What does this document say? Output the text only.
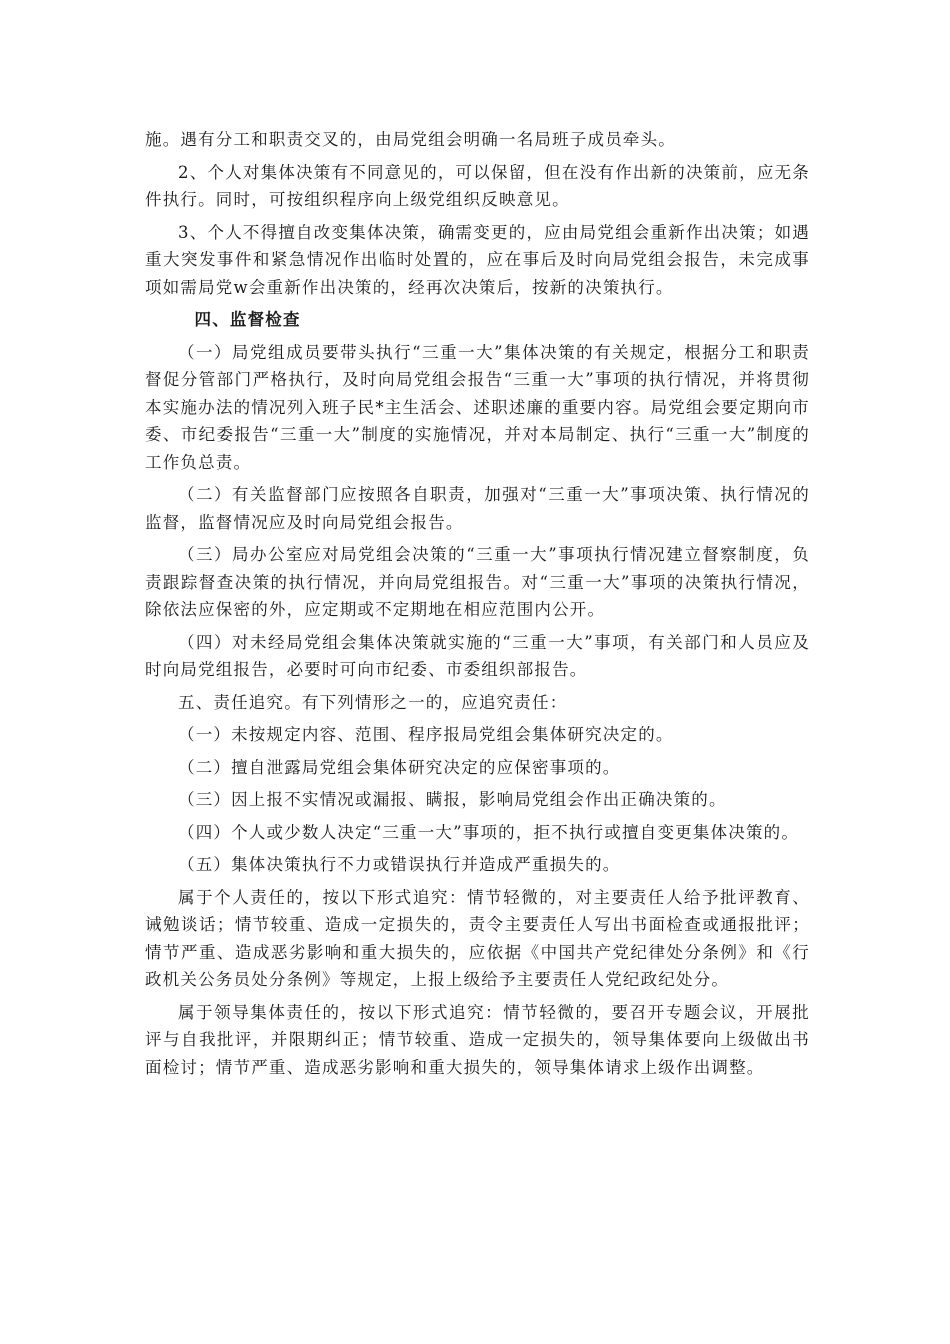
施。遇有分工和职责交叉的，由局党组会明确一名局班子成员牵头。

2、个人对集体决策有不同意见的，可以保留，但在没有作出新的决策前，应无条件执行。同时，可按组织程序向上级党组织反映意见。

3、个人不得擅自改变集体决策，确需变更的，应由局党组会重新作出决策；如遇重大突发事件和紧急情况作出临时处置的，应在事后及时向局党组会报告，未完成事项如需局党w会重新作出决策的，经再次决策后，按新的决策执行。

四、监督检查

（一）局党组成员要带头执行“三重一大”集体决策的有关规定，根据分工和职责督促分管部门严格执行，及时向局党组会报告“三重一大”事项的执行情况，并将贯彻本实施办法的情况列入班子民*主生活会、述职述廉的重要内容。局党组会要定期向市委、市纪委报告“三重一大”制度的实施情况，并对本局制定、执行“三重一大”制度的工作负总责。

（二）有关监督部门应按照各自职责，加强对“三重一大”事项决策、执行情况的监督，监督情况应及时向局党组会报告。

（三）局办公室应对局党组会决策的“三重一大”事项执行情况建立督察制度，负责跟踪督查决策的执行情况，并向局党组报告。对“三重一大”事项的决策执行情况，除依法应保密的外，应定期或不定期地在相应范围内公开。

（四）对未经局党组会集体决策就实施的“三重一大”事项，有关部门和人员应及时向局党组报告，必要时可向市纪委、市委组织部报告。

五、责任追究。有下列情形之一的，应追究责任：

（一）未按规定内容、范围、程序报局党组会集体研究决定的。

（二）擅自泄露局党组会集体研究决定的应保密事项的。

（三）因上报不实情况或漏报、瞒报，影响局党组会作出正确决策的。

（四）个人或少数人决定“三重一大”事项的，拒不执行或擅自变更集体决策的。

（五）集体决策执行不力或错误执行并造成严重损失的。

属于个人责任的，按以下形式追究：情节轻微的，对主要责任人给予批评教育、诫勉谈话；情节较重、造成一定损失的，责令主要责任人写出书面检查或通报批评；情节严重、造成恶劣影响和重大损失的，应依据《中国共产党纪律处分条例》和《行政机关公务员处分条例》等规定，上报上级给予主要责任人党纪政纪处分。

属于领导集体责任的，按以下形式追究：情节轻微的，要召开专题会议，开展批评与自我批评，并限期纠正；情节较重、造成一定损失的，领导集体要向上级做出书面检讨；情节严重、造成恶劣影响和重大损失的，领导集体请求上级作出调整。
